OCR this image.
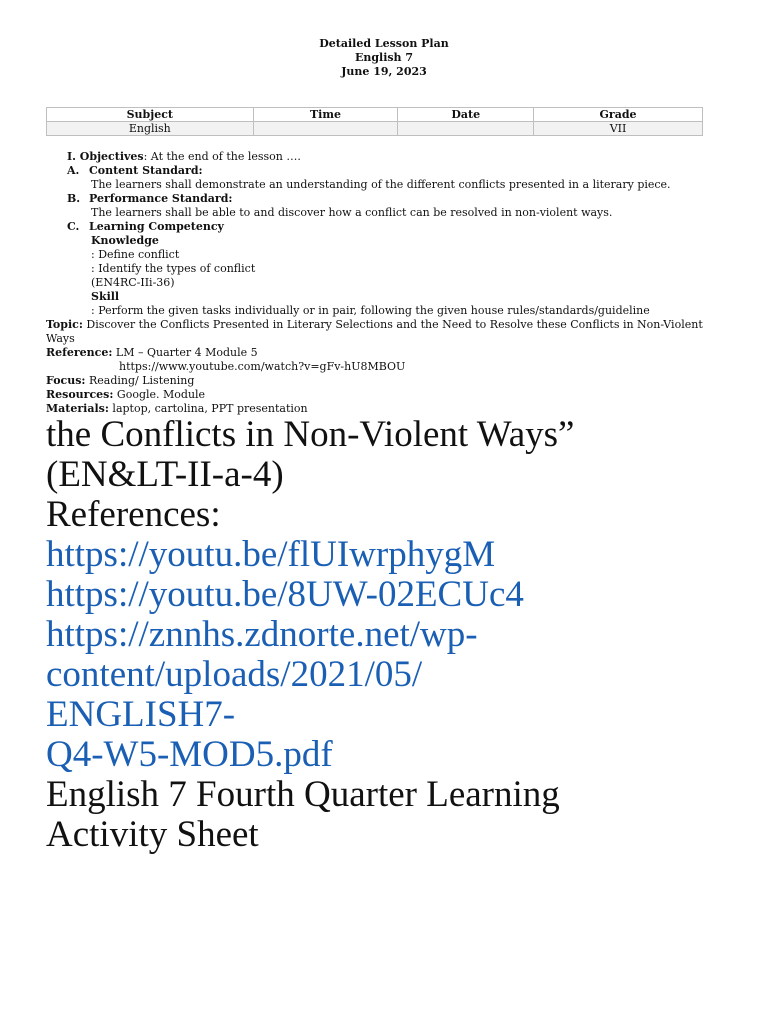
Detailed Lesson Plan
English 7
June 19, 2023
Subject	Time	Date	Grade
English			VII
I. Objectives: At the end of the lesson ….
A. Content Standard:
The learners shall demonstrate an understanding of the different conflicts presented in a literary piece.
B. Performance Standard:
The learners shall be able to and discover how a conflict can be resolved in non-violent ways.
C. Learning Competency
Knowledge
: Define conflict
: Identify the types of conflict
(EN4RC-IIi-36)
Skill
: Perform the given tasks individually or in pair, following the given house rules/standards/guideline
Topic: Discover the Conflicts Presented in Literary Selections and the Need to Resolve these Conflicts in Non-Violent
Ways
Reference: LM – Quarter 4 Module 5
https://www.youtube.com/watch?v=gFv-hU8MBOU
Focus: Reading/ Listening
Resources: Google. Module
Materials: laptop, cartolina, PPT presentation
the Conflicts in Non-Violent Ways”
(EN&LT-II-a-4)
References:
https://youtu.be/flUIwrphygM
https://youtu.be/8UW-02ECUc4
https://znnhs.zdnorte.net/wp-
content/uploads/2021/05/
ENGLISH7-
Q4-W5-MOD5.pdf
English 7 Fourth Quarter Learning
Activity Sheet
